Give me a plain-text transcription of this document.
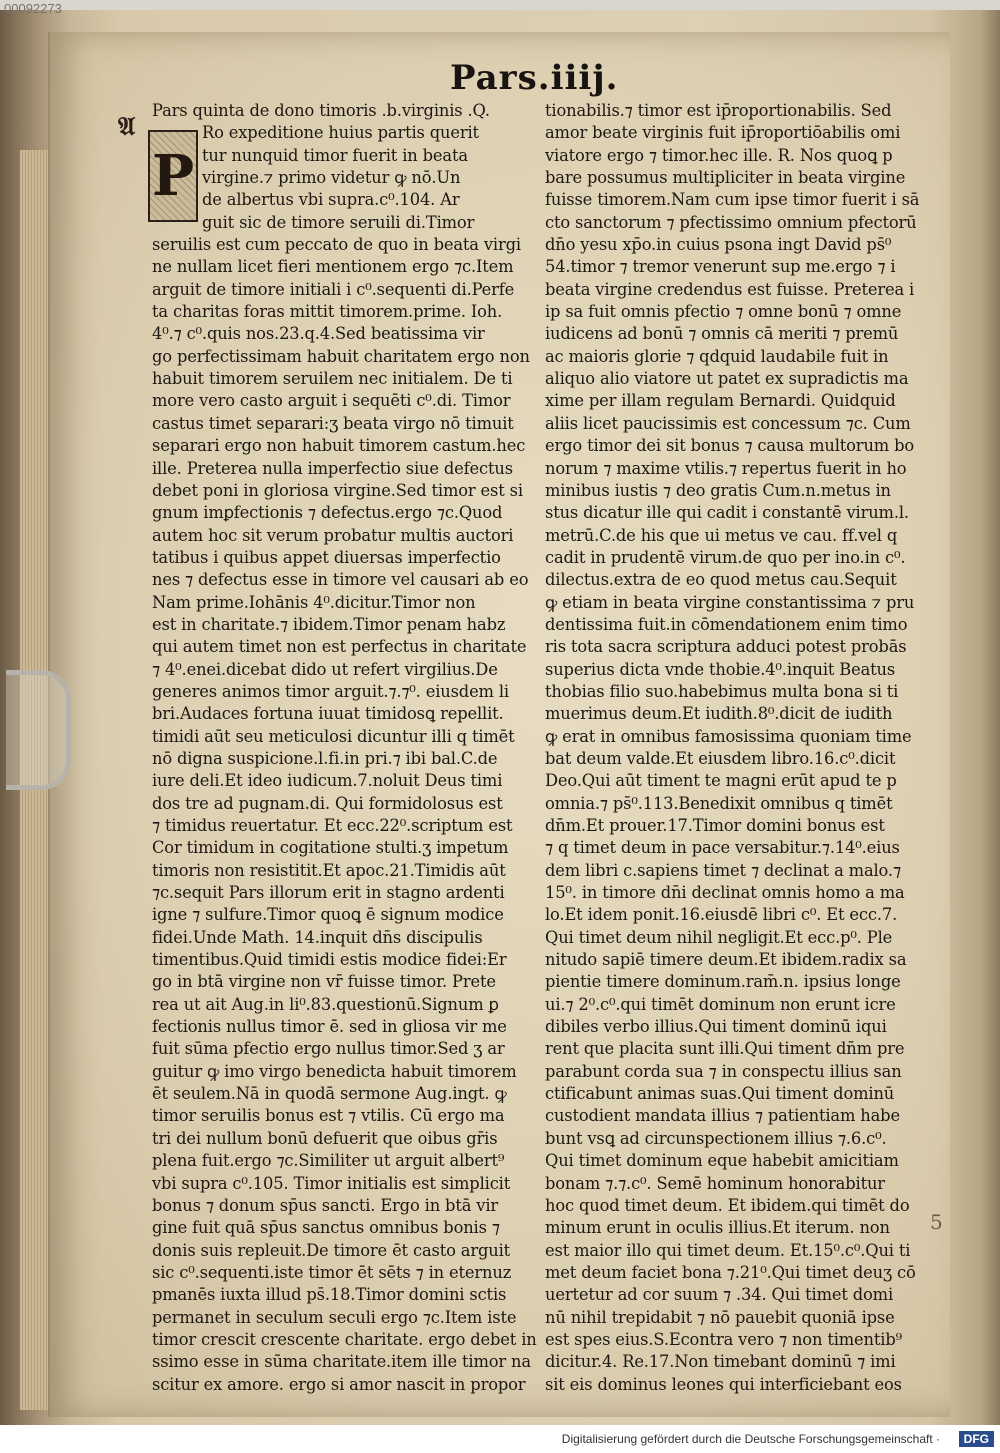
00092273
Pars.iiij.
𝔄
P
Pars quinta de dono timoris .b.virginis .Q.
Ro expeditione huius partis querit
tur nunquid timor fuerit in beata
virgine.⁊ primo videtur ꝙ nō.Un
de albertus vbi supra.c⁰.104. Ar
guit sic de timore seruili di.Timor
seruilis est cum peccato de quo in beata virgi
ne nullam licet fieri mentionem ergo ⁊c.Item
arguit de timore initiali i c⁰.sequenti di.Perfe
ta charitas foras mittit timorem.prime. Ioh.
4⁰.⁊ c⁰.quis nos.23.q.4.Sed beatissima vir
go perfectissimam habuit charitatem ergo non
habuit timorem seruilem nec initialem. De ti
more vero casto arguit i sequēti c⁰.di. Timor
castus timet separari:ʒ beata virgo nō timuit
separari ergo non habuit timorem castum.hec
ille. Preterea nulla imperfectio siue defectus
debet poni in gloriosa virgine.Sed timor est si
gnum imꝑfectionis ⁊ defectus.ergo ⁊c.Quod
autem hoc sit verum probatur multis auctori
tatibus i quibus appet diuersas imperfectio
nes ⁊ defectus esse in timore vel causari ab eo
Nam prime.Iohānis 4⁰.dicitur.Timor non
est in charitate.⁊ ibidem.Timor penam habz
qui autem timet non est perfectus in charitate
⁊ 4⁰.enei.dicebat dido ut refert virgilius.De
generes animos timor arguit.⁊.⁊⁰. eiusdem li
bri.Audaces fortuna iuuat timidosꝗ repellit.
timidi aūt seu meticulosi dicuntur illi q timēt
nō digna suspicione.l.fi.in pri.⁊ ibi bal.C.de
iure deli.Et ideo iudicum.7.noluit Deus timi
dos tre ad pugnam.di. Qui formidolosus est
⁊ timidus reuertatur. Et ecc.22⁰.scriptum est
Cor timidum in cogitatione stulti.ʒ impetum
timoris non resistitit.Et apoc.21.Timidis aūt
⁊c.sequit Pars illorum erit in stagno ardenti
igne ⁊ sulfure.Timor quoꝗ ē signum modice
fidei.Unde Math. 14.inquit dn̄s discipulis
timentibus.Quid timidi estis modice fidei:Er
go in btā virgine non vr̄ fuisse timor. Prete
rea ut ait Aug.in li⁰.83.questionū.Signum ꝑ
fectionis nullus timor ē. sed in gliosa vir me
fuit sūma pfectio ergo nullus timor.Sed ʒ ar
guitur ꝙ imo virgo benedicta habuit timorem
ēt seulem.Nā in quodā sermone Aug.ingt. ꝙ
timor seruilis bonus est ⁊ vtilis. Cū ergo ma
tri dei nullum bonū defuerit que oibus gr̄is
plena fuit.ergo ⁊c.Similiter ut arguit albert⁹
vbi supra c⁰.105. Timor initialis est simplicit
bonus ⁊ donum sp̄us sancti. Ergo in btā vir
gine fuit quā sp̄us sanctus omnibus bonis ⁊
donis suis repleuit.De timore ēt casto arguit
sic c⁰.sequenti.iste timor ēt sēts ⁊ in eternuz
pmanēs iuxta illud ps̄.18.Timor domini sctis
permanet in seculum seculi ergo ⁊c.Item iste
timor crescit crescente charitate. ergo debet in
ssimo esse in sūma charitate.item ille timor na
scitur ex amore. ergo si amor nascit in propor
tionabilis.⁊ timor est ip̄roportionabilis. Sed
amor beate virginis fuit ip̄roportiōabilis omi
viatore ergo ⁊ timor.hec ille. R. Nos quoꝗ p
bare possumus multipliciter in beata virgine
fuisse timorem.Nam cum ipse timor fuerit i sā
cto sanctorum ⁊ pfectissimo omnium pfectorū
dn̄o yesu xp̄o.in cuius psona ingt David ps̄⁰
54.timor ⁊ tremor venerunt sup me.ergo ⁊ i
beata virgine credendus est fuisse. Preterea i
ip sa fuit omnis pfectio ⁊ omne bonū ⁊ omne
iudicens ad bonū ⁊ omnis cā meriti ⁊ premū
ac maioris glorie ⁊ qdquid laudabile fuit in
aliquo alio viatore ut patet ex supradictis ma
xime per illam regulam Bernardi. Quidquid
aliis licet paucissimis est concessum ⁊c. Cum
ergo timor dei sit bonus ⁊ causa multorum bo
norum ⁊ maxime vtilis.⁊ repertus fuerit in ho
minibus iustis ⁊ deo gratis Cum.n.metus in
stus dicatur ille qui cadit i constantē virum.l.
metrū.C.de his que ui metus ve cau. ff.vel q
cadit in prudentē virum.de quo per ino.in c⁰.
dilectus.extra de eo quod metus cau.Sequit
ꝙ etiam in beata virgine constantissima ⁊ pru
dentissima fuit.in cōmendationem enim timo
ris tota sacra scriptura adduci potest probās
superius dicta vnde thobie.4⁰.inquit Beatus
thobias filio suo.habebimus multa bona si ti
muerimus deum.Et iudith.8⁰.dicit de iudith
ꝙ erat in omnibus famosissima quoniam time
bat deum valde.Et eiusdem libro.16.c⁰.dicit
Deo.Qui aūt timent te magni erūt apud te p
omnia.⁊ ps̄⁰.113.Benedixit omnibus q timēt
dn̄m.Et prouer.17.Timor domini bonus est
⁊ q timet deum in pace versabitur.⁊.14⁰.eius
dem libri c.sapiens timet ⁊ declinat a malo.⁊
15⁰. in timore dn̄i declinat omnis homo a ma
lo.Et idem ponit.16.eiusdē libri c⁰. Et ecc.7.
Qui timet deum nihil negligit.Et ecc.p⁰. Ple
nitudo sapiē timere deum.Et ibidem.radix sa
pientie timere dominum.ram̄.n. ipsius longe
ui.⁊ 2⁰.c⁰.qui timēt dominum non erunt icre
dibiles verbo illius.Qui timent dominū iqui
rent que placita sunt illi.Qui timent dn̄m pre
parabunt corda sua ⁊ in conspectu illius san
ctificabunt animas suas.Qui timent dominū
custodient mandata illius ⁊ patientiam habe
bunt vsꝗ ad circunspectionem illius ⁊.6.c⁰.
Qui timet dominum eque habebit amicitiam
bonam ⁊.⁊.c⁰. Semē hominum honorabitur
hoc quod timet deum. Et ibidem.qui timēt do
minum erunt in oculis illius.Et iterum. non
est maior illo qui timet deum. Et.15⁰.c⁰.Qui ti
met deum faciet bona ⁊.21⁰.Qui timet deuʒ cō
uertetur ad cor suum ⁊ .34. Qui timet domi
nū nihil trepidabit ⁊ nō pauebit quoniā ipse
est spes eius.S.Econtra vero ⁊ non timentib⁹
dicitur.4. Re.17.Non timebant dominū ⁊ imi
sit eis dominus leones qui interficiebant eos
5
Digitalisierung gefördert durch die Deutsche Forschungsgemeinschaft ·	DFG
